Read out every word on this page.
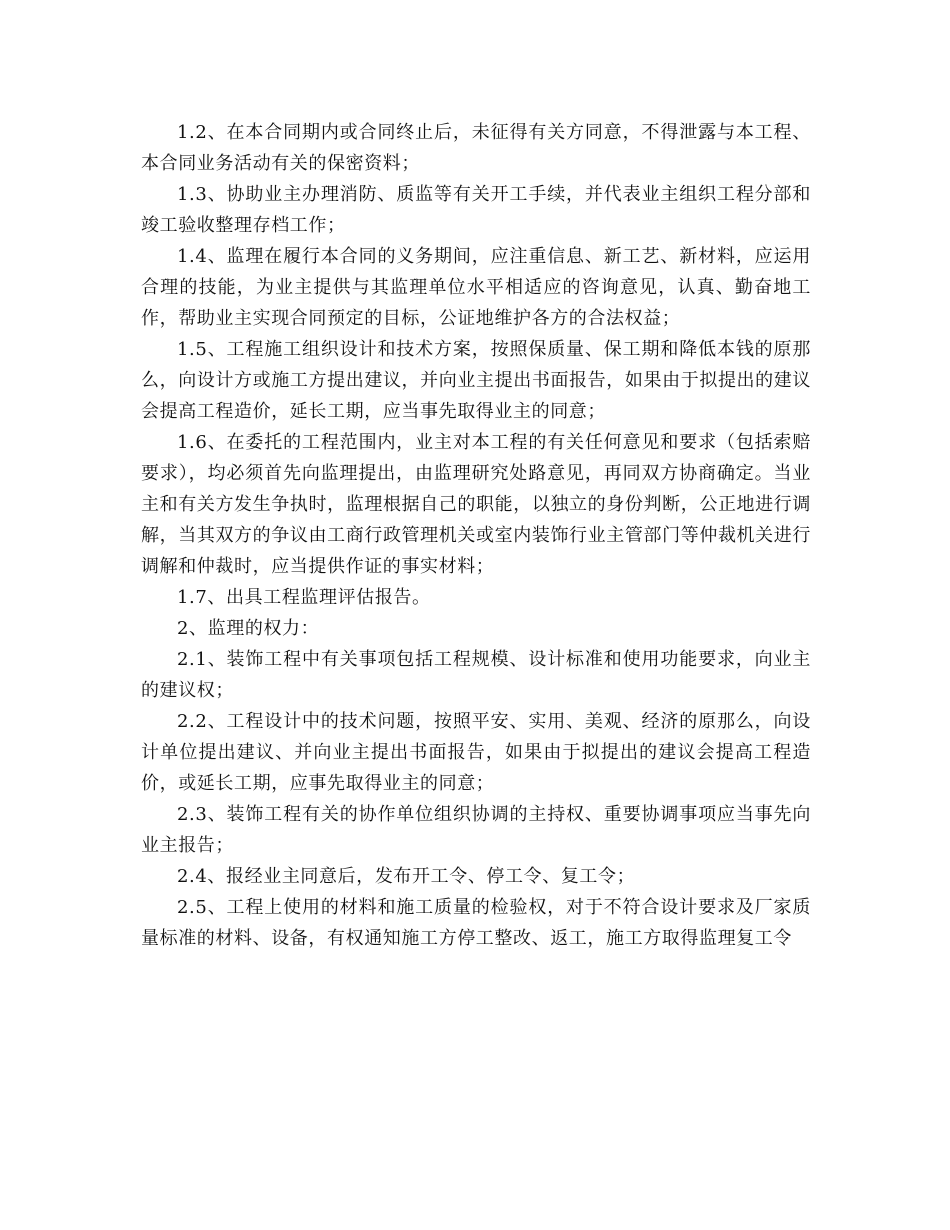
1.2、在本合同期内或合同终止后，未征得有关方同意，不得泄露与本工程、本合同业务活动有关的保密资料；

1.3、协助业主办理消防、质监等有关开工手续，并代表业主组织工程分部和竣工验收整理存档工作；

1.4、监理在履行本合同的义务期间，应注重信息、新工艺、新材料，应运用合理的技能，为业主提供与其监理单位水平相适应的咨询意见，认真、勤奋地工作，帮助业主实现合同预定的目标，公证地维护各方的合法权益；

1.5、工程施工组织设计和技术方案，按照保质量、保工期和降低本钱的原那么，向设计方或施工方提出建议，并向业主提出书面报告，如果由于拟提出的建议会提高工程造价，延长工期，应当事先取得业主的同意；

1.6、在委托的工程范围内，业主对本工程的有关任何意见和要求（包括索赔要求），均必须首先向监理提出，由监理研究处路意见，再同双方协商确定。当业主和有关方发生争执时，监理根据自己的职能，以独立的身份判断，公正地进行调解，当其双方的争议由工商行政管理机关或室内装饰行业主管部门等仲裁机关进行调解和仲裁时，应当提供作证的事实材料；

1.7、出具工程监理评估报告。

2、监理的权力：

2.1、装饰工程中有关事项包括工程规模、设计标准和使用功能要求，向业主的建议权；

2.2、工程设计中的技术问题，按照平安、实用、美观、经济的原那么，向设计单位提出建议、并向业主提出书面报告，如果由于拟提出的建议会提高工程造价，或延长工期，应事先取得业主的同意；

2.3、装饰工程有关的协作单位组织协调的主持权、重要协调事项应当事先向业主报告；

2.4、报经业主同意后，发布开工令、停工令、复工令；

2.5、工程上使用的材料和施工质量的检验权，对于不符合设计要求及厂家质量标准的材料、设备，有权通知施工方停工整改、返工，施工方取得监理复工令
